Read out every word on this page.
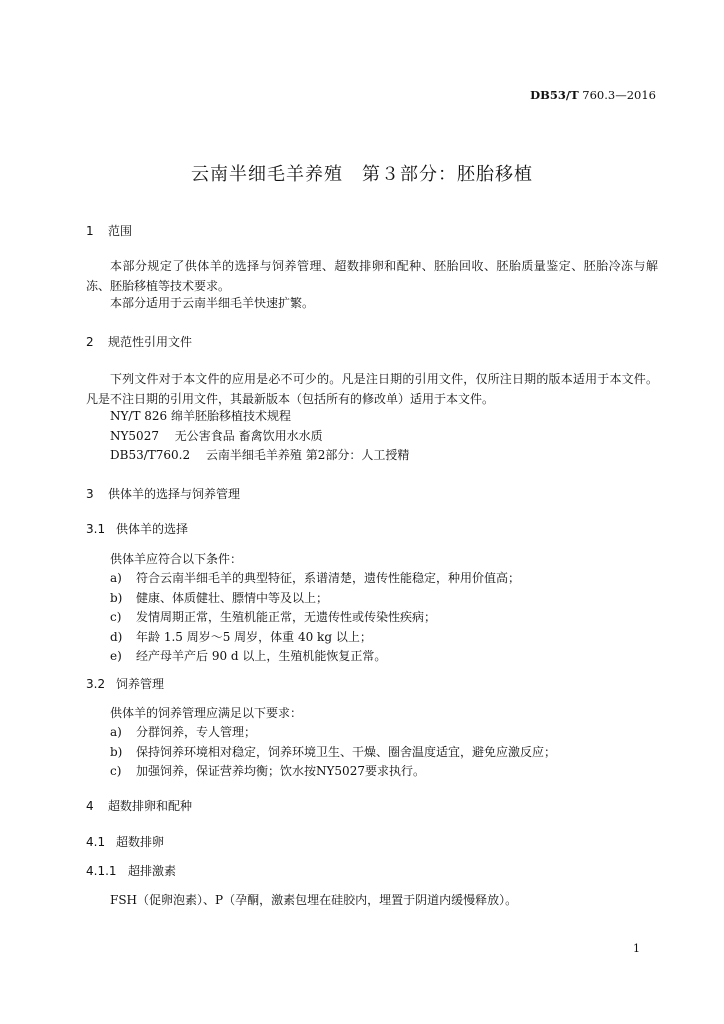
DB53/T 760.3—2016
云南半细毛羊养殖　第３部分：胚胎移植
1 范围
本部分规定了供体羊的选择与饲养管理、超数排卵和配种、胚胎回收、胚胎质量鉴定、胚胎冷冻与解冻、胚胎移植等技术要求。
本部分适用于云南半细毛羊快速扩繁。
2 规范性引用文件
下列文件对于本文件的应用是必不可少的。凡是注日期的引用文件，仅所注日期的版本适用于本文件。凡是不注日期的引用文件，其最新版本（包括所有的修改单）适用于本文件。
NY/T 826 绵羊胚胎移植技术规程
NY5027　 无公害食品 畜禽饮用水水质
DB53/T760.2　 云南半细毛羊养殖 第2部分：人工授精
3 供体羊的选择与饲养管理
3.1 供体羊的选择
供体羊应符合以下条件：
a) 符合云南半细毛羊的典型特征，系谱清楚，遗传性能稳定，种用价值高；
b) 健康、体质健壮、膘情中等及以上；
c) 发情周期正常，生殖机能正常，无遗传性或传染性疾病；
d) 年龄 1.5 周岁～5 周岁，体重 40 kg 以上；
e) 经产母羊产后 90 d 以上，生殖机能恢复正常。
3.2 饲养管理
供体羊的饲养管理应满足以下要求：
a) 分群饲养，专人管理；
b) 保持饲养环境相对稳定，饲养环境卫生、干燥、圈舍温度适宜，避免应激反应；
c) 加强饲养，保证营养均衡；饮水按NY5027要求执行。
4 超数排卵和配种
4.1 超数排卵
4.1.1 超排激素
FSH（促卵泡素）、P（孕酮，激素包埋在硅胶内，埋置于阴道内缓慢释放）。
1
